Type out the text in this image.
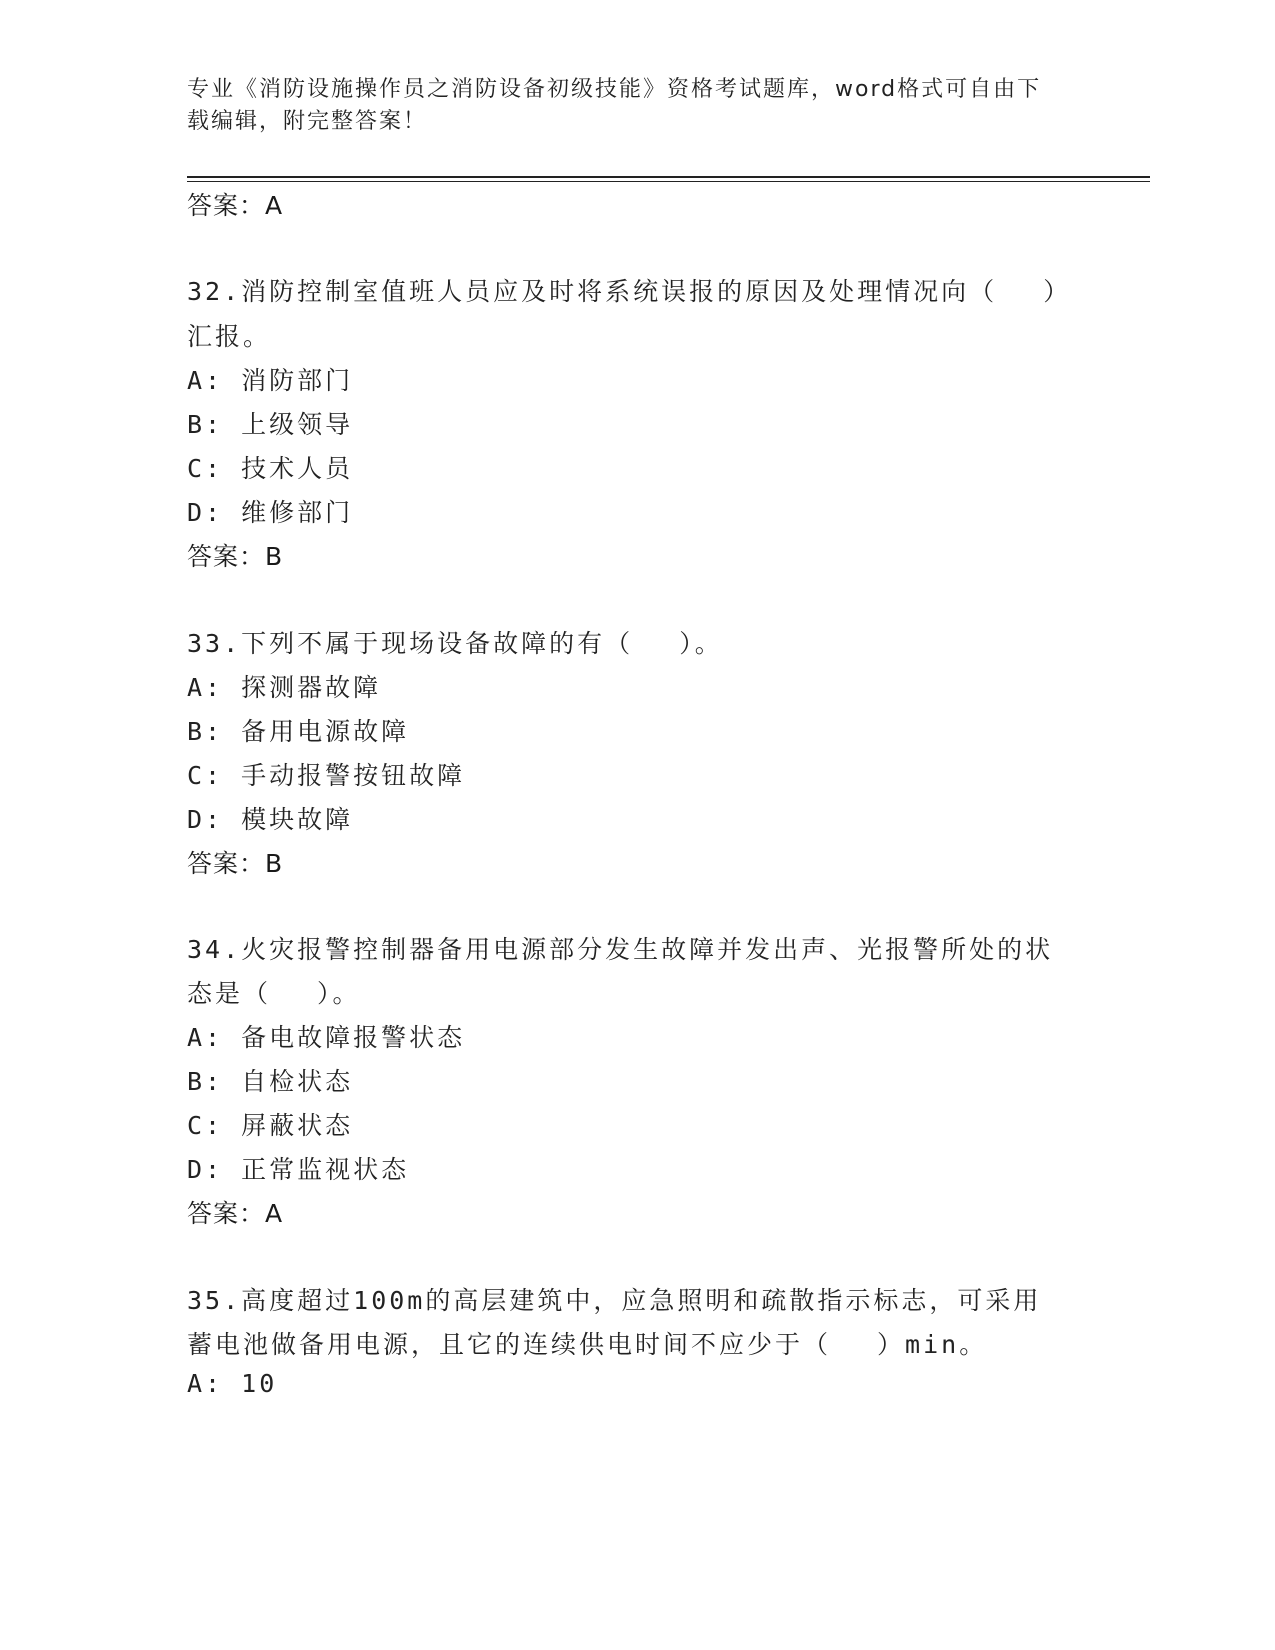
专业《消防设施操作员之消防设备初级技能》资格考试题库，word格式可自由下
载编辑，附完整答案！
答案：A
32.消防控制室值班人员应及时将系统误报的原因及处理情况向（　 ）
汇报。
A: 消防部门
B: 上级领导
C: 技术人员
D: 维修部门
答案：B
33.下列不属于现场设备故障的有（　 ）。
A: 探测器故障
B: 备用电源故障
C: 手动报警按钮故障
D: 模块故障
答案：B
34.火灾报警控制器备用电源部分发生故障并发出声、光报警所处的状
态是（　 ）。
A: 备电故障报警状态
B: 自检状态
C: 屏蔽状态
D: 正常监视状态
答案：A
35.高度超过100m的高层建筑中，应急照明和疏散指示标志，可采用
蓄电池做备用电源，且它的连续供电时间不应少于（　 ）min。
A: 10
